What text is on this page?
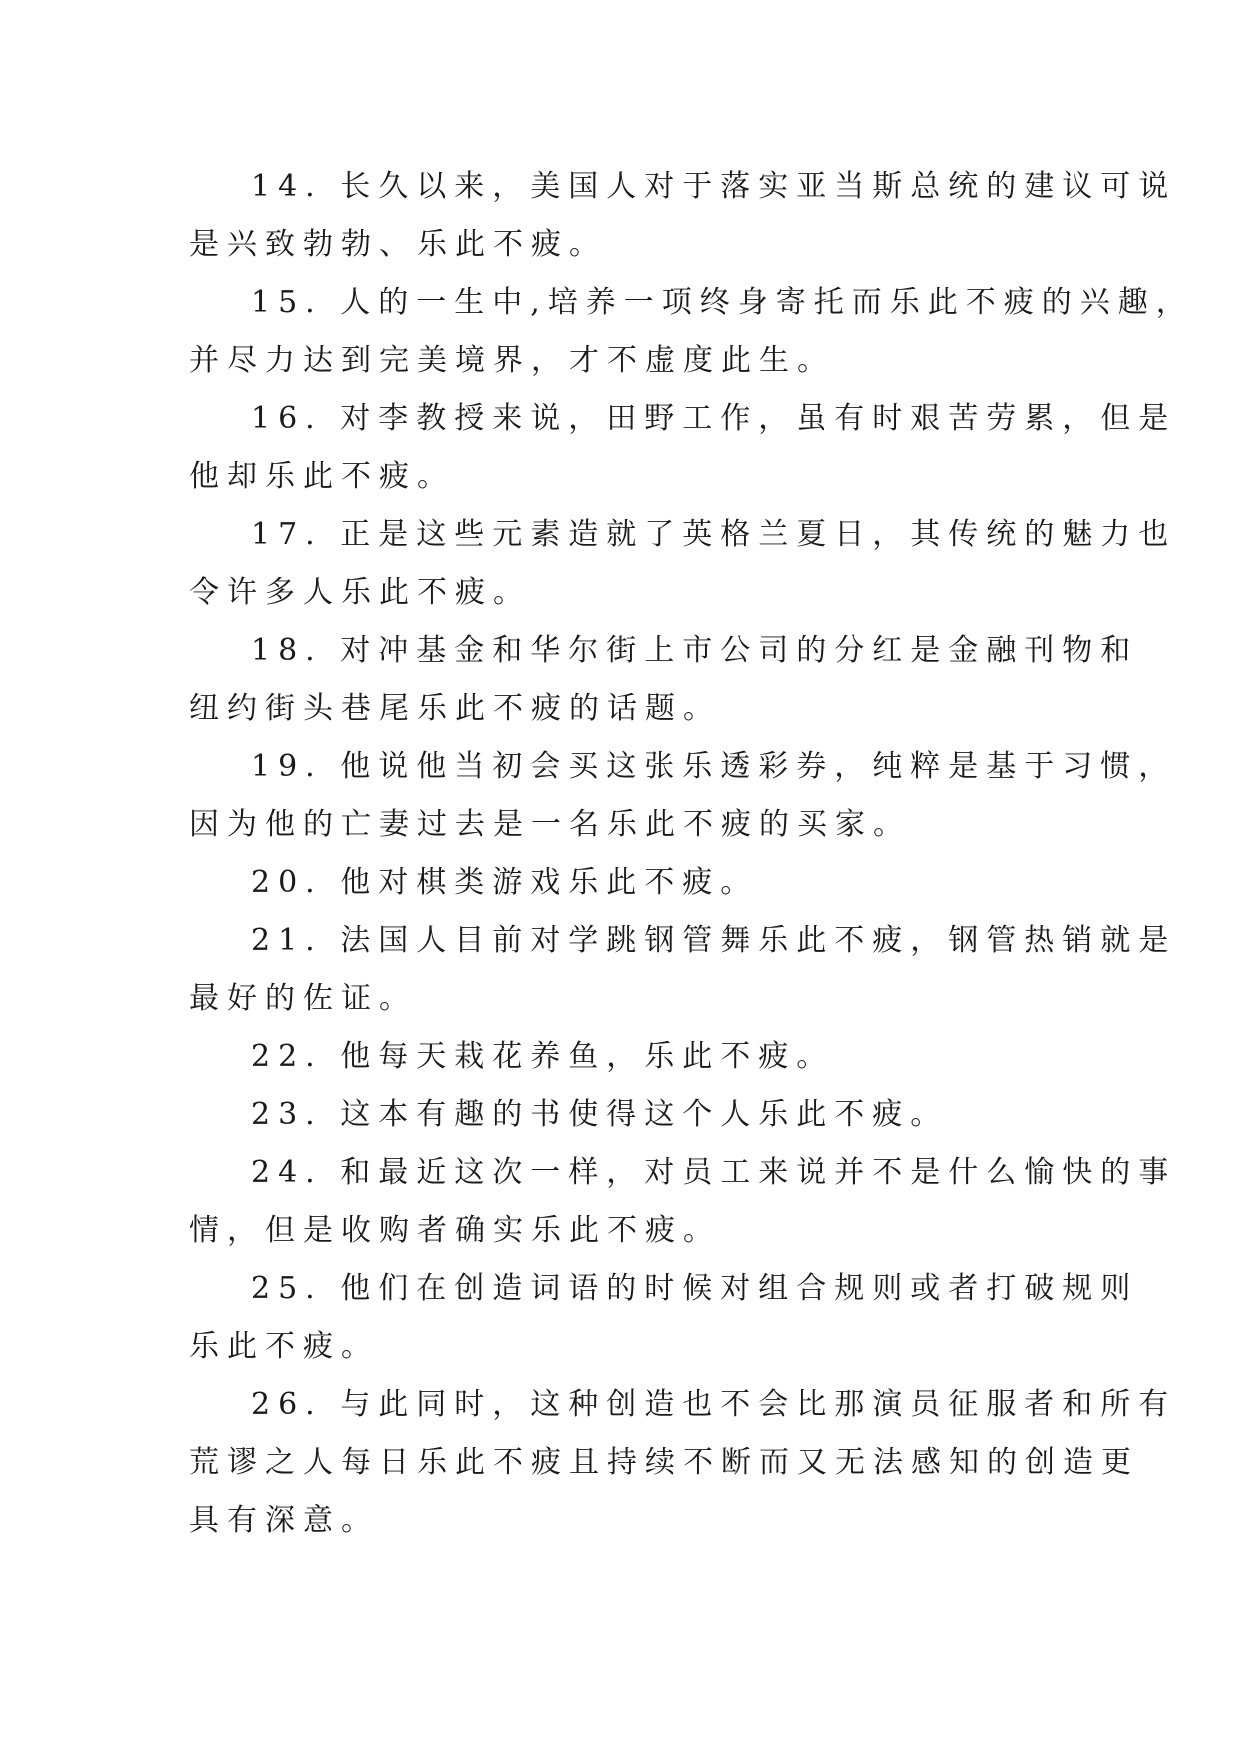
14. 长久以来，美国人对于落实亚当斯总统的建议可说
是兴致勃勃、乐此不疲。
15. 人的一生中,培养一项终身寄托而乐此不疲的兴趣，
并尽力达到完美境界，才不虚度此生。
16. 对李教授来说，田野工作，虽有时艰苦劳累，但是
他却乐此不疲。
17. 正是这些元素造就了英格兰夏日，其传统的魅力也
令许多人乐此不疲。
18. 对冲基金和华尔街上市公司的分红是金融刊物和
纽约街头巷尾乐此不疲的话题。
19. 他说他当初会买这张乐透彩券，纯粹是基于习惯，
因为他的亡妻过去是一名乐此不疲的买家。
20. 他对棋类游戏乐此不疲。
21. 法国人目前对学跳钢管舞乐此不疲，钢管热销就是
最好的佐证。
22. 他每天栽花养鱼，乐此不疲。
23. 这本有趣的书使得这个人乐此不疲。
24. 和最近这次一样，对员工来说并不是什么愉快的事
情，但是收购者确实乐此不疲。
25. 他们在创造词语的时候对组合规则或者打破规则
乐此不疲。
26. 与此同时，这种创造也不会比那演员征服者和所有
荒谬之人每日乐此不疲且持续不断而又无法感知的创造更
具有深意。
